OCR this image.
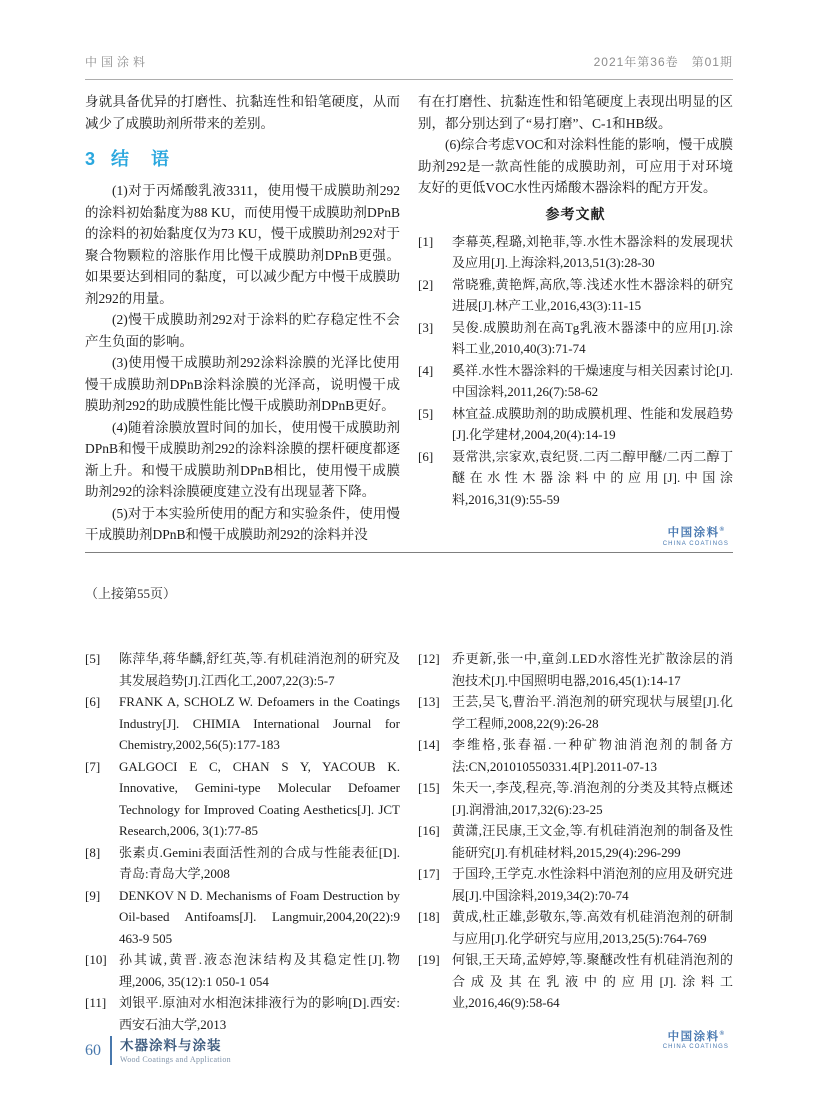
中国涂料	2021年第36卷　第01期

身就具备优异的打磨性、抗黏连性和铅笔硬度，从而减少了成膜助剂所带来的差别。

3 结　语

(1)对于丙烯酸乳液3311，使用慢干成膜助剂292的涂料初始黏度为88 KU，而使用慢干成膜助剂DPnB的涂料的初始黏度仅为73 KU，慢干成膜助剂292对于聚合物颗粒的溶胀作用比慢干成膜助剂DPnB更强。如果要达到相同的黏度，可以减少配方中慢干成膜助剂292的用量。

(2)慢干成膜助剂292对于涂料的贮存稳定性不会产生负面的影响。

(3)使用慢干成膜助剂292涂料涂膜的光泽比使用慢干成膜助剂DPnB涂料涂膜的光泽高，说明慢干成膜助剂292的助成膜性能比慢干成膜助剂DPnB更好。

(4)随着涂膜放置时间的加长，使用慢干成膜助剂DPnB和慢干成膜助剂292的涂料涂膜的摆杆硬度都逐渐上升。和慢干成膜助剂DPnB相比，使用慢干成膜助剂292的涂料涂膜硬度建立没有出现显著下降。

(5)对于本实验所使用的配方和实验条件，使用慢干成膜助剂DPnB和慢干成膜助剂292的涂料并没

有在打磨性、抗黏连性和铅笔硬度上表现出明显的区别，都分别达到了“易打磨”、C-1和HB级。

(6)综合考虑VOC和对涂料性能的影响，慢干成膜助剂292是一款高性能的成膜助剂，可应用于对环境友好的更低VOC水性丙烯酸木器涂料的配方开发。

参考文献
[1]	李幕英,程璐,刘艳菲,等.水性木器涂料的发展现状及应用[J].上海涂料,2013,51(3):28-30
[2]	常晓雅,黄艳辉,高欣,等.浅述水性木器涂料的研究进展[J].林产工业,2016,43(3):11-15
[3]	吴俊.成膜助剂在高Tg乳液木器漆中的应用[J].涂料工业,2010,40(3):71-74
[4]	奚祥.水性木器涂料的干燥速度与相关因素讨论[J].中国涂料,2011,26(7):58-62
[5]	林宜益.成膜助剂的助成膜机理、性能和发展趋势[J].化学建材,2004,20(4):14-19
[6]	聂常洪,宗家欢,袁纪贤.二丙二醇甲醚/二丙二醇丁醚在水性木器涂料中的应用[J].中国涂料,2016,31(9):55-59
中国涂料®
CHINA COATINGS

（上接第55页）

[5]	陈萍华,蒋华麟,舒红英,等.有机硅消泡剂的研究及其发展趋势[J].江西化工,2007,22(3):5-7
[6]	FRANK A, SCHOLZ W. Defoamers in the Coatings Industry[J]. CHIMIA International Journal for Chemistry,2002,56(5):177-183
[7]	GALGOCI E C, CHAN S Y, YACOUB K. Innovative, Gemini-type Molecular Defoamer Technology for Improved Coating Aesthetics[J]. JCT Research,2006, 3(1):77-85
[8]	张素贞.Gemini表面活性剂的合成与性能表征[D].青岛:青岛大学,2008
[9]	DENKOV N D. Mechanisms of Foam Destruction by Oil-based Antifoams[J]. Langmuir,2004,20(22):9 463-9 505
[10] 孙其诚,黄晋.液态泡沫结构及其稳定性[J].物理,2006, 35(12):1 050-1 054
[11] 刘银平.原油对水相泡沫排液行为的影响[D].西安:西安石油大学,2013
[12] 乔更新,张一中,童剑.LED水溶性光扩散涂层的消泡技术[J].中国照明电器,2016,45(1):14-17
[13] 王芸,吴飞,曹治平.消泡剂的研究现状与展望[J].化学工程师,2008,22(9):26-28
[14] 李维格,张春福.一种矿物油消泡剂的制备方法:CN,201010550331.4[P].2011-07-13
[15] 朱天一,李茂,程亮,等.消泡剂的分类及其特点概述[J].润滑油,2017,32(6):23-25
[16] 黄潇,汪民康,王文金,等.有机硅消泡剂的制备及性能研究[J].有机硅材料,2015,29(4):296-299
[17] 于国玲,王学克.水性涂料中消泡剂的应用及研究进展[J].中国涂料,2019,34(2):70-74
[18] 黄成,杜正雄,彭敬东,等.高效有机硅消泡剂的研制与应用[J].化学研究与应用,2013,25(5):764-769
[19] 何银,王天琦,孟婷婷,等.聚醚改性有机硅消泡剂的合成及其在乳液中的应用[J].涂料工业,2016,46(9):58-64
中国涂料®
CHINA COATINGS
60 木器涂料与涂装
Wood Coatings and Application
